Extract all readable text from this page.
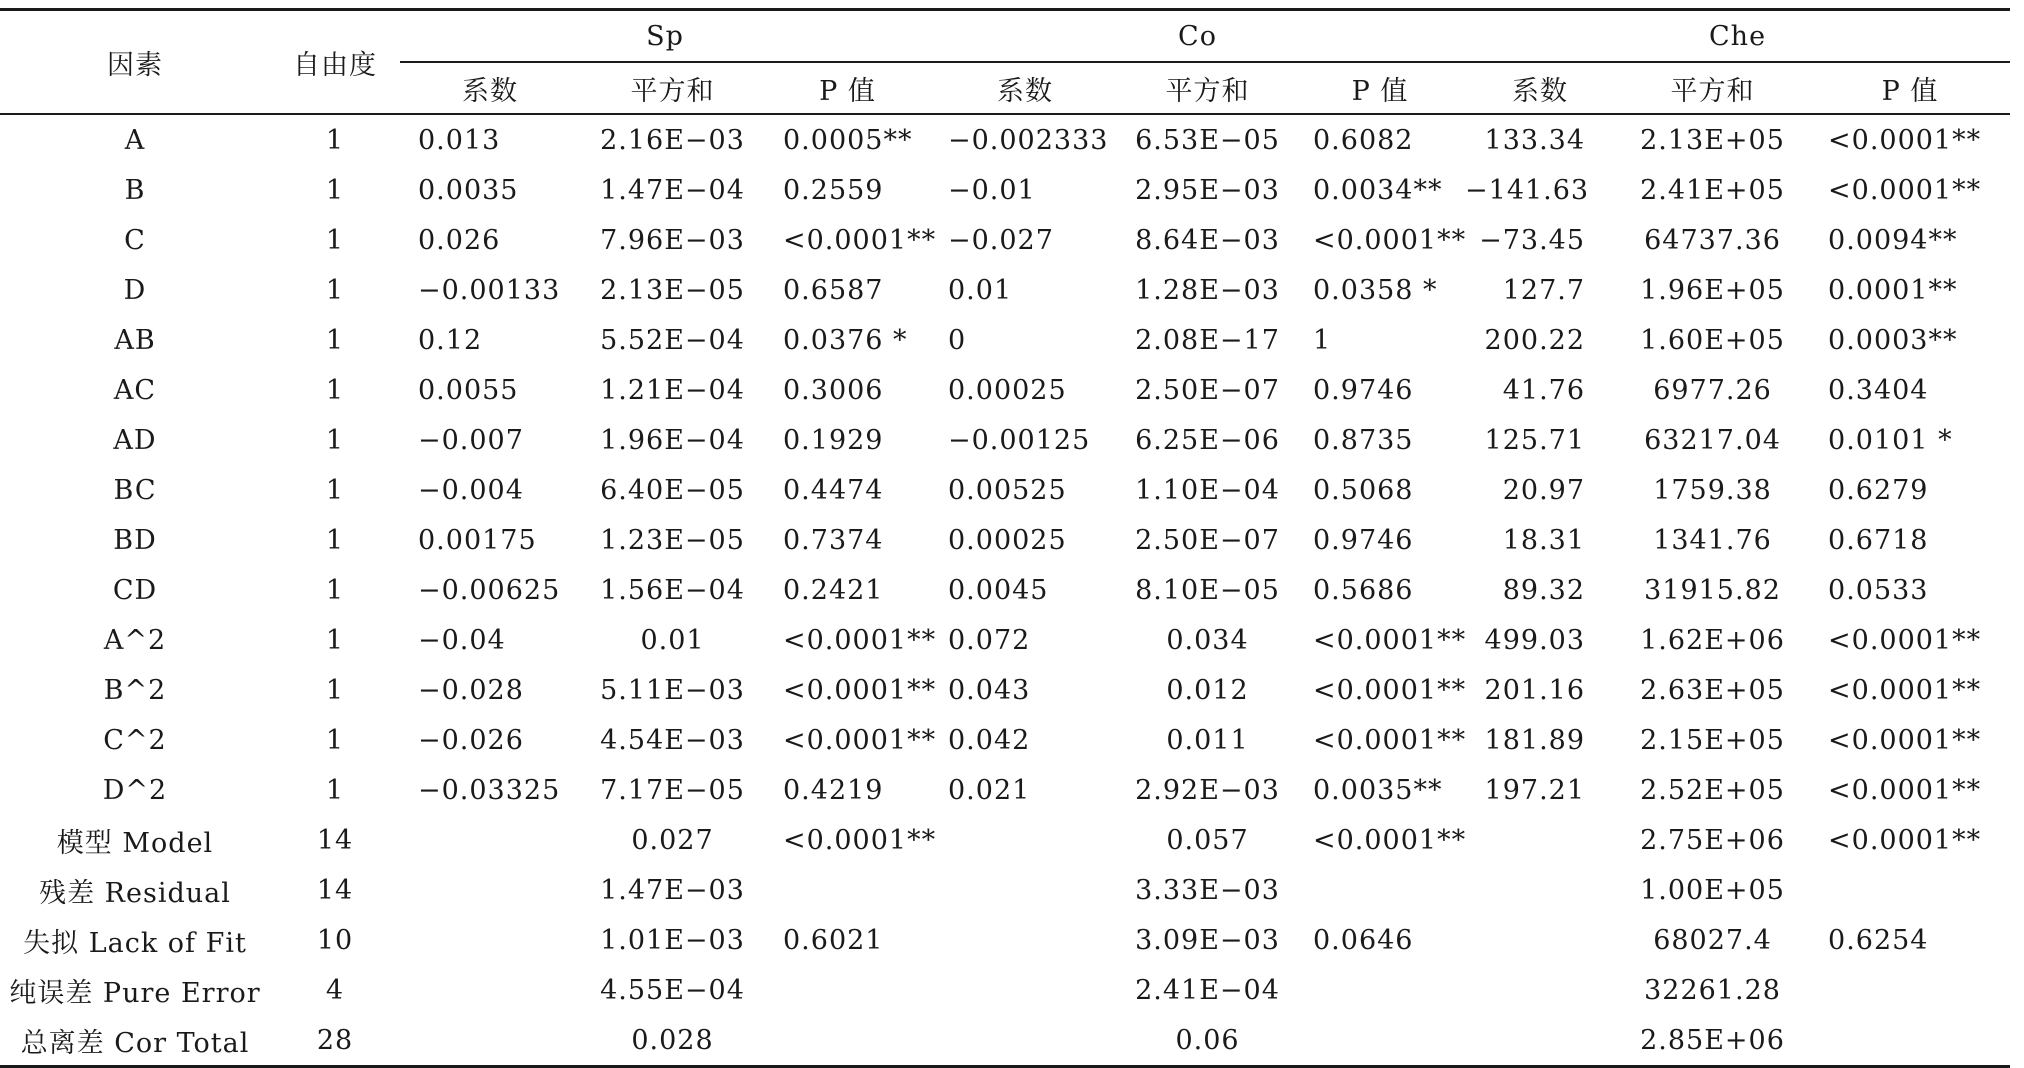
因素	自由度	Sp			Co			Che		
		系数	平方和	P 值	系数	平方和	P 值	系数	平方和	P 值
A	1	0.013	2.16E−03	0.0005**	−0.002333	6.53E−05	0.6082	133.34	2.13E+05	<0.0001**
B	1	0.0035	1.47E−04	0.2559	−0.01	2.95E−03	0.0034**	−141.63	2.41E+05	<0.0001**
C	1	0.026	7.96E−03	<0.0001**	−0.027	8.64E−03	<0.0001**	−73.45	64737.36	0.0094**
D	1	−0.00133	2.13E−05	0.6587	0.01	1.28E−03	0.0358 *	127.7	1.96E+05	0.0001**
AB	1	0.12	5.52E−04	0.0376 *	0	2.08E−17	1	200.22	1.60E+05	0.0003**
AC	1	0.0055	1.21E−04	0.3006	0.00025	2.50E−07	0.9746	41.76	6977.26	0.3404
AD	1	−0.007	1.96E−04	0.1929	−0.00125	6.25E−06	0.8735	125.71	63217.04	0.0101 *
BC	1	−0.004	6.40E−05	0.4474	0.00525	1.10E−04	0.5068	20.97	1759.38	0.6279
BD	1	0.00175	1.23E−05	0.7374	0.00025	2.50E−07	0.9746	18.31	1341.76	0.6718
CD	1	−0.00625	1.56E−04	0.2421	0.0045	8.10E−05	0.5686	89.32	31915.82	0.0533
A^2	1	−0.04	0.01	<0.0001**	0.072	0.034	<0.0001**	499.03	1.62E+06	<0.0001**
B^2	1	−0.028	5.11E−03	<0.0001**	0.043	0.012	<0.0001**	201.16	2.63E+05	<0.0001**
C^2	1	−0.026	4.54E−03	<0.0001**	0.042	0.011	<0.0001**	181.89	2.15E+05	<0.0001**
D^2	1	−0.03325	7.17E−05	0.4219	0.021	2.92E−03	0.0035**	197.21	2.52E+05	<0.0001**
模型 Model	14		0.027	<0.0001**		0.057	<0.0001**		2.75E+06	<0.0001**
残差 Residual	14		1.47E−03			3.33E−03			1.00E+05	
失拟 Lack of Fit	10		1.01E−03	0.6021		3.09E−03	0.0646		68027.4	0.6254
纯误差 Pure Error	4		4.55E−04			2.41E−04			32261.28	
总离差 Cor Total	28		0.028			0.06			2.85E+06	
